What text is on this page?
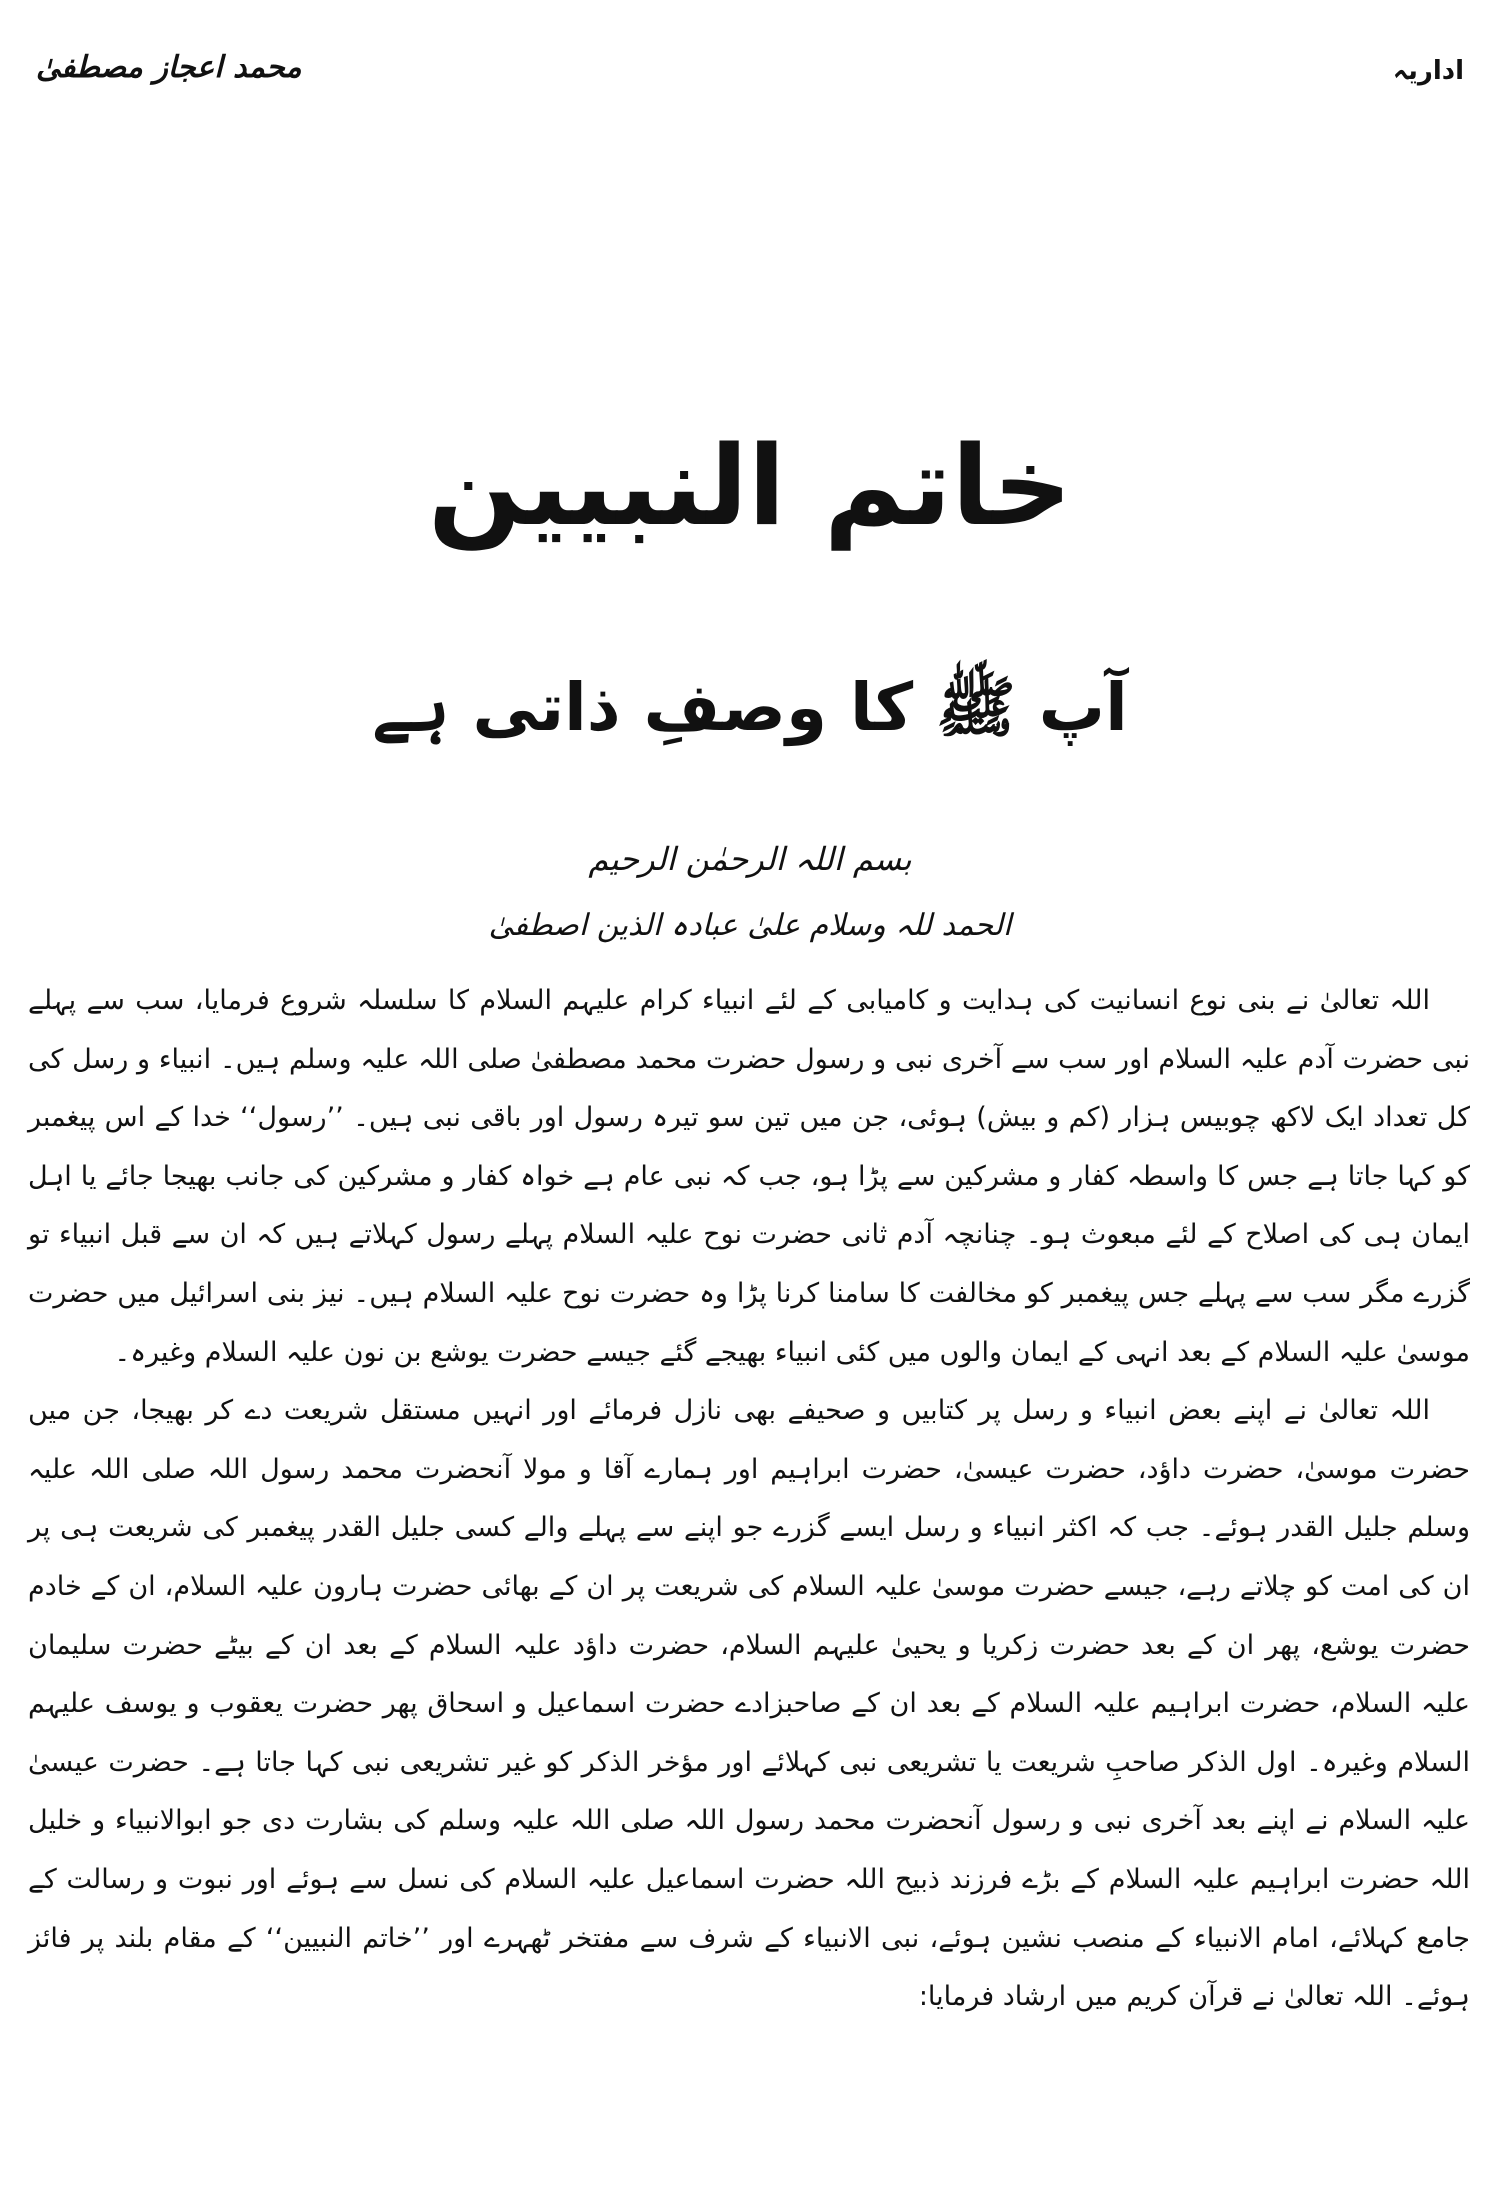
اداریہ
محمد اعجاز مصطفیٰ
خاتم النبیین
آپ ﷺ کا وصفِ ذاتی ہے
بسم اللہ الرحمٰن الرحیم
الحمد للہ وسلام علیٰ عبادہ الذین اصطفیٰ

اللہ تعالیٰ نے بنی نوع انسانیت کی ہدایت و کامیابی کے لئے انبیاء کرام علیہم السلام کا سلسلہ شروع فرمایا، سب سے پہلے نبی حضرت آدم علیہ السلام اور سب سے آخری نبی و رسول حضرت محمد مصطفیٰ صلی اللہ علیہ وسلم ہیں۔ انبیاء و رسل کی کل تعداد ایک لاکھ چوبیس ہزار (کم و بیش) ہوئی، جن میں تین سو تیرہ رسول اور باقی نبی ہیں۔ ’’رسول‘‘ خدا کے اس پیغمبر کو کہا جاتا ہے جس کا واسطہ کفار و مشرکین سے پڑا ہو، جب کہ نبی عام ہے خواہ کفار و مشرکین کی جانب بھیجا جائے یا اہل ایمان ہی کی اصلاح کے لئے مبعوث ہو۔ چنانچہ آدم ثانی حضرت نوح علیہ السلام پہلے رسول کہلاتے ہیں کہ ان سے قبل انبیاء تو گزرے مگر سب سے پہلے جس پیغمبر کو مخالفت کا سامنا کرنا پڑا وہ حضرت نوح علیہ السلام ہیں۔ نیز بنی اسرائیل میں حضرت موسیٰ علیہ السلام کے بعد انہی کے ایمان والوں میں کئی انبیاء بھیجے گئے جیسے حضرت یوشع بن نون علیہ السلام وغیرہ۔

اللہ تعالیٰ نے اپنے بعض انبیاء و رسل پر کتابیں و صحیفے بھی نازل فرمائے اور انہیں مستقل شریعت دے کر بھیجا، جن میں حضرت موسیٰ، حضرت داؤد، حضرت عیسیٰ، حضرت ابراہیم اور ہمارے آقا و مولا آنحضرت محمد رسول اللہ صلی اللہ علیہ وسلم جلیل القدر ہوئے۔ جب کہ اکثر انبیاء و رسل ایسے گزرے جو اپنے سے پہلے والے کسی جلیل القدر پیغمبر کی شریعت ہی پر ان کی امت کو چلاتے رہے، جیسے حضرت موسیٰ علیہ السلام کی شریعت پر ان کے بھائی حضرت ہارون علیہ السلام، ان کے خادم حضرت یوشع، پھر ان کے بعد حضرت زکریا و یحییٰ علیہم السلام، حضرت داؤد علیہ السلام کے بعد ان کے بیٹے حضرت سلیمان علیہ السلام، حضرت ابراہیم علیہ السلام کے بعد ان کے صاحبزادے حضرت اسماعیل و اسحاق پھر حضرت یعقوب و یوسف علیہم السلام وغیرہ۔ اول الذکر صاحبِ شریعت یا تشریعی نبی کہلائے اور مؤخر الذکر کو غیر تشریعی نبی کہا جاتا ہے۔ حضرت عیسیٰ علیہ السلام نے اپنے بعد آخری نبی و رسول آنحضرت محمد رسول اللہ صلی اللہ علیہ وسلم کی بشارت دی جو ابوالانبیاء و خلیل اللہ حضرت ابراہیم علیہ السلام کے بڑے فرزند ذبیح اللہ حضرت اسماعیل علیہ السلام کی نسل سے ہوئے اور نبوت و رسالت کے جامع کہلائے، امام الانبیاء کے منصب نشین ہوئے، نبی الانبیاء کے شرف سے مفتخر ٹھہرے اور ’’خاتم النبیین‘‘ کے مقام بلند پر فائز ہوئے۔ اللہ تعالیٰ نے قرآن کریم میں ارشاد فرمایا:
